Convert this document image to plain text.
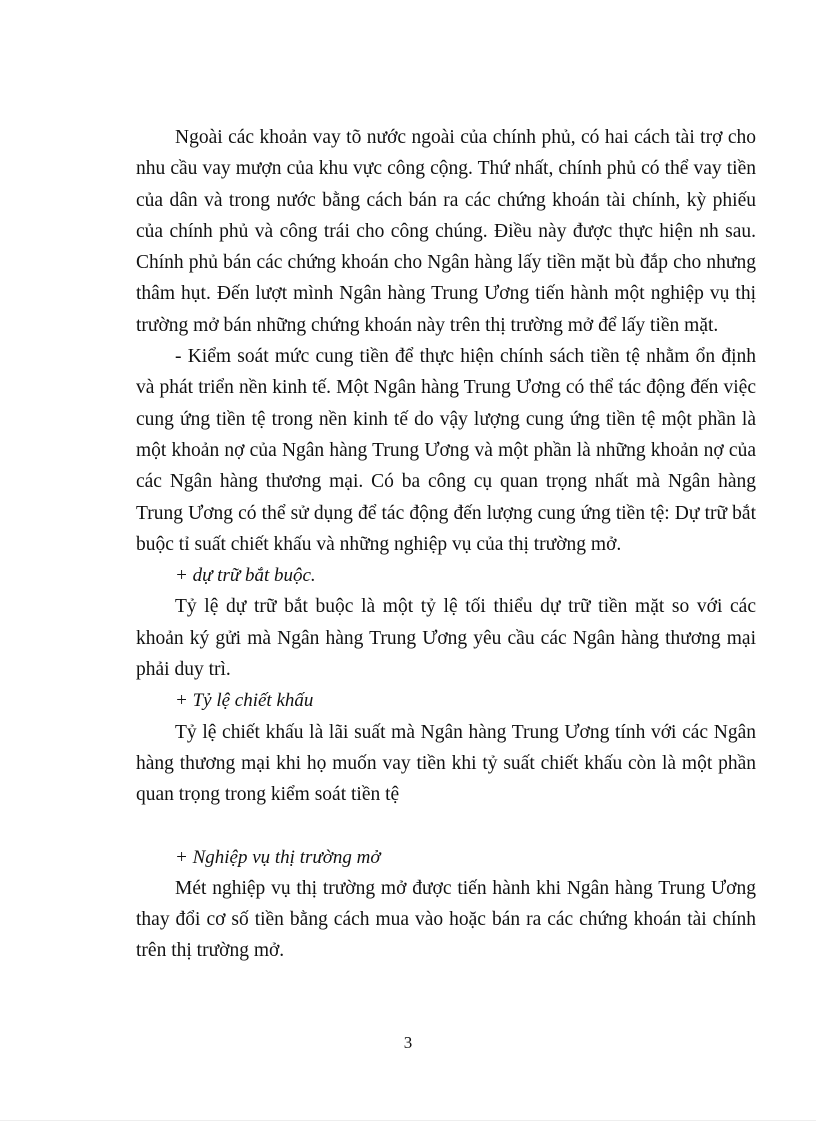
Ngoài các khoản vay tõ nước ngoài của chính phủ, có hai cách tài trợ cho nhu cầu vay mượn của khu vực công cộng. Thứ nhất, chính phủ có thể vay tiền của dân và trong nước bằng cách bán ra các chứng khoán tài chính, kỳ phiếu của chính phủ và công trái cho công chúng. Điều này được thực hiện nh sau. Chính phủ bán các chứng khoán cho Ngân hàng lấy tiền mặt bù đắp cho nhưng thâm hụt. Đến lượt mình Ngân hàng Trung Ương tiến hành một nghiệp vụ thị trường mở bán những chứng khoán này trên thị trường mở để lấy tiền mặt.

- Kiểm soát mức cung tiền để thực hiện chính sách tiền tệ nhằm ổn định và phát triển nền kinh tế. Một Ngân hàng Trung Ương có thể tác động đến việc cung ứng tiền tệ trong nền kinh tế do vậy lượng cung ứng tiền tệ một phần là một khoản nợ của Ngân hàng Trung Ương và một phần là những khoản nợ của các Ngân hàng thương mại. Có ba công cụ quan trọng nhất mà Ngân hàng Trung Ương có thể sử dụng để tác động đến lượng cung ứng tiền tệ: Dự trữ bắt buộc tỉ suất chiết khấu và những nghiệp vụ của thị trường mở.

+ dự trữ bắt buộc.

Tỷ lệ dự trữ bắt buộc là một tỷ lệ tối thiểu dự trữ tiền mặt so với các khoản ký gửi mà Ngân hàng Trung Ương yêu cầu các Ngân hàng thương mại phải duy trì.

+ Tỷ lệ chiết khấu

Tỷ lệ chiết khấu là lãi suất mà Ngân hàng Trung Ương tính với các Ngân hàng thương mại khi họ muốn vay tiền khi tỷ suất chiết khấu còn là một phần quan trọng trong kiểm soát tiền tệ

+ Nghiệp vụ thị trường mở

Mét nghiệp vụ thị trường mở được tiến hành khi Ngân hàng Trung Ương thay đổi cơ số tiền bằng cách mua vào hoặc bán ra các chứng khoán tài chính trên thị trường mở.

3
